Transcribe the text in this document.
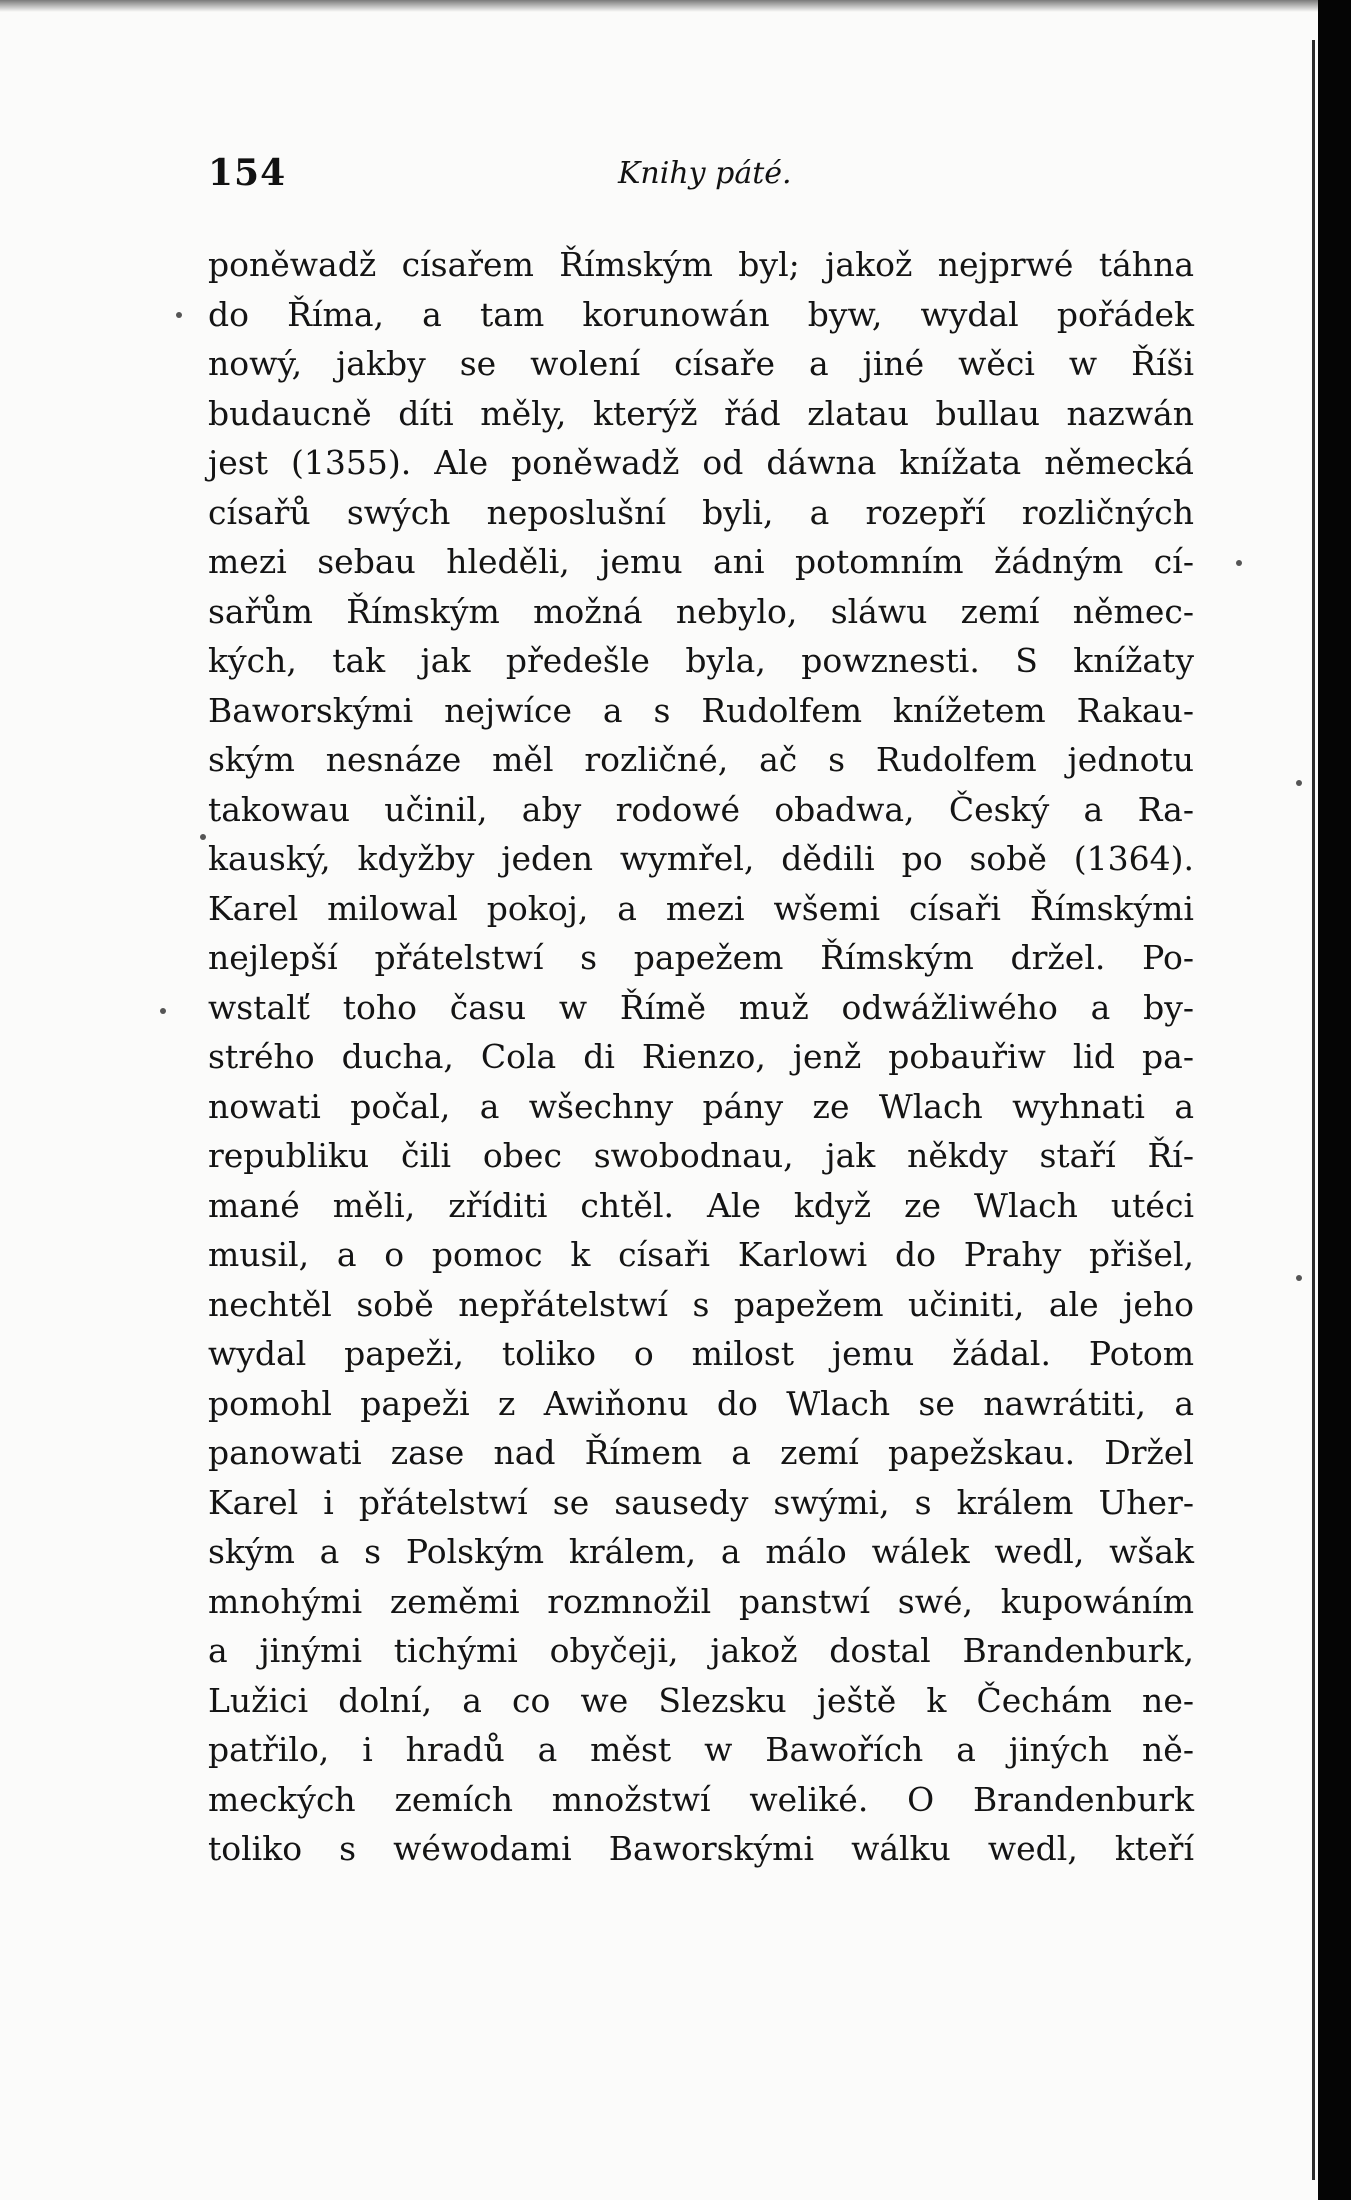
154	Knihy páté.
poněwadž císařem Římským byl; jakož nejprwé táhna
do Říma, a tam korunowán byw, wydal pořádek
nowý, jakby se wolení císaře a jiné wěci w Říši
budaucně díti měly, kterýž řád zlatau bullau nazwán
jest (1355). Ale poněwadž od dáwna knížata německá
císařů swých neposlušní byli, a rozepří rozličných
mezi sebau hleděli, jemu ani potomním žádným cí-
sařům Římským možná nebylo, sláwu zemí němec-
kých, tak jak předešle byla, powznesti. S knížaty
Baworskými nejwíce a s Rudolfem knížetem Rakau-
ským nesnáze měl rozličné, ač s Rudolfem jednotu
takowau učinil, aby rodowé obadwa, Český a Ra-
kauský, kdyžby jeden wymřel, dědili po sobě (1364).
Karel milowal pokoj, a mezi wšemi císaři Římskými
nejlepší přátelstwí s papežem Římským držel. Po-
wstalť toho času w Římě muž odwážliwého a by-
strého ducha, Cola di Rienzo, jenž pobauřiw lid pa-
nowati počal, a wšechny pány ze Wlach wyhnati a
republiku čili obec swobodnau, jak někdy staří Ří-
mané měli, zříditi chtěl. Ale když ze Wlach utéci
musil, a o pomoc k císaři Karlowi do Prahy přišel,
nechtěl sobě nepřátelstwí s papežem učiniti, ale jeho
wydal papeži, toliko o milost jemu žádal. Potom
pomohl papeži z Awiňonu do Wlach se nawrátiti, a
panowati zase nad Římem a zemí papežskau. Držel
Karel i přátelstwí se sausedy swými, s králem Uher-
ským a s Polským králem, a málo wálek wedl, wšak
mnohými zeměmi rozmnožil panstwí swé, kupowáním
a jinými tichými obyčeji, jakož dostal Brandenburk,
Lužici dolní, a co we Slezsku ještě k Čechám ne-
patřilo, i hradů a měst w Bawořích a jiných ně-
meckých zemích množstwí weliké. O Brandenburk
toliko s wéwodami Baworskými wálku wedl, kteří
